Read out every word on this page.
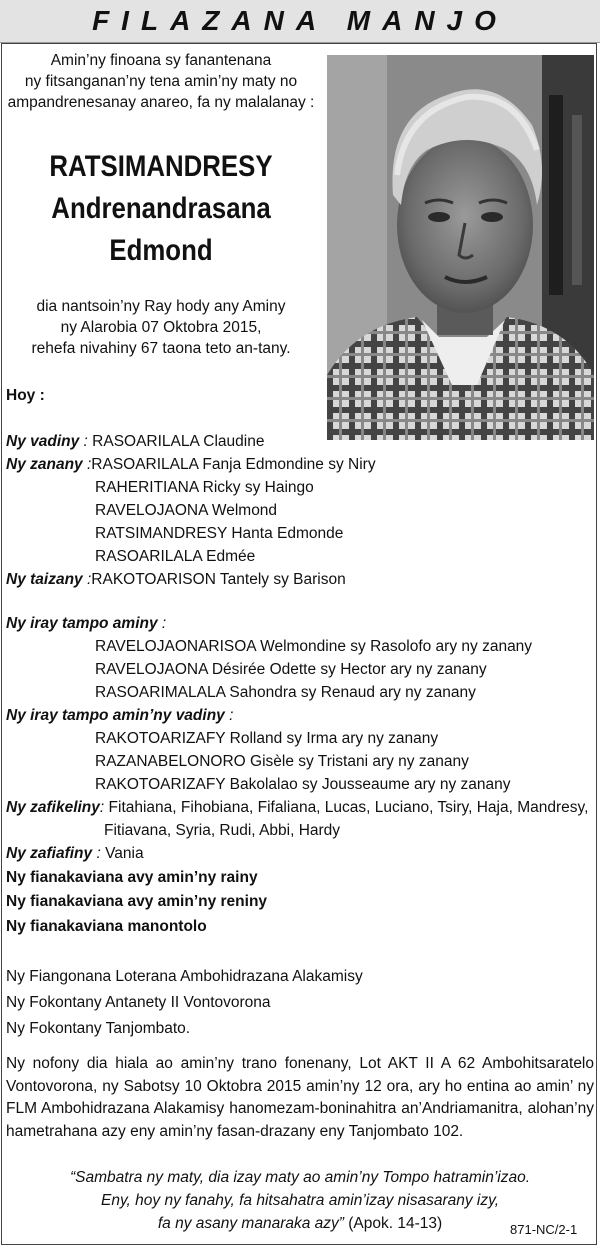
FILAZANA MANJO
Amin’ny finoana sy fanantenana
ny fitsanganan’ny tena amin’ny maty no
ampandrenesanay anareo, fa ny malalanay :
RATSIMANDRESY
Andrenandrasana
Edmond
dia nantsoin’ny Ray hody any Aminy
ny Alarobia 07 Oktobra 2015,
rehefa nivahiny 67 taona teto an-tany.
Hoy :
Ny vadiny : RASOARILALA Claudine
Ny zanany :RASOARILALA Fanja Edmondine sy Niry
RAHERITIANA Ricky sy Haingo
RAVELOJAONA Welmond
RATSIMANDRESY Hanta Edmonde
RASOARILALA Edmée
Ny taizany :RAKOTOARISON Tantely sy Barison
Ny iray tampo aminy :
RAVELOJAONARISOA Welmondine sy Rasolofo ary ny zanany
RAVELOJAONA Désirée Odette sy Hector ary ny zanany
RASOARIMALALA Sahondra sy Renaud ary ny zanany
Ny iray tampo amin’ny vadiny :
RAKOTOARIZAFY Rolland sy Irma ary ny zanany
RAZANABELONORO Gisèle sy Tristani ary ny zanany
RAKOTOARIZAFY Bakolalao sy Jousseaume ary ny zanany
Ny zafikeliny: Fitahiana, Fihobiana, Fifaliana, Lucas, Luciano, Tsiry, Haja, Mandresy,
Fitiavana, Syria, Rudi, Abbi, Hardy
Ny zafiafiny : Vania
Ny fianakaviana avy amin’ny rainy
Ny fianakaviana avy amin’ny reniny
Ny fianakaviana manontolo
Ny Fiangonana Loterana Ambohidrazana Alakamisy
Ny Fokontany Antanety II Vontovorona
Ny Fokontany Tanjombato.
Ny nofony dia hiala ao amin’ny trano fonenany, Lot AKT II A 62 Ambohitsaratelo Vontovorona, ny Sabotsy 10 Oktobra 2015 amin’ny 12 ora, ary ho entina ao amin’ ny FLM Ambohidrazana Alakamisy hanomezam-boninahitra an’Andriamanitra, alohan’ny hametrahana azy eny amin’ny fasan-drazany eny Tanjombato 102.
“Sambatra ny maty, dia izay maty ao amin’ny Tompo hatramin’izao.
Eny, hoy ny fanahy, fa hitsahatra amin’izay nisasarany izy,
fa ny asany manaraka azy” (Apok. 14-13)	871-NC/2-1
